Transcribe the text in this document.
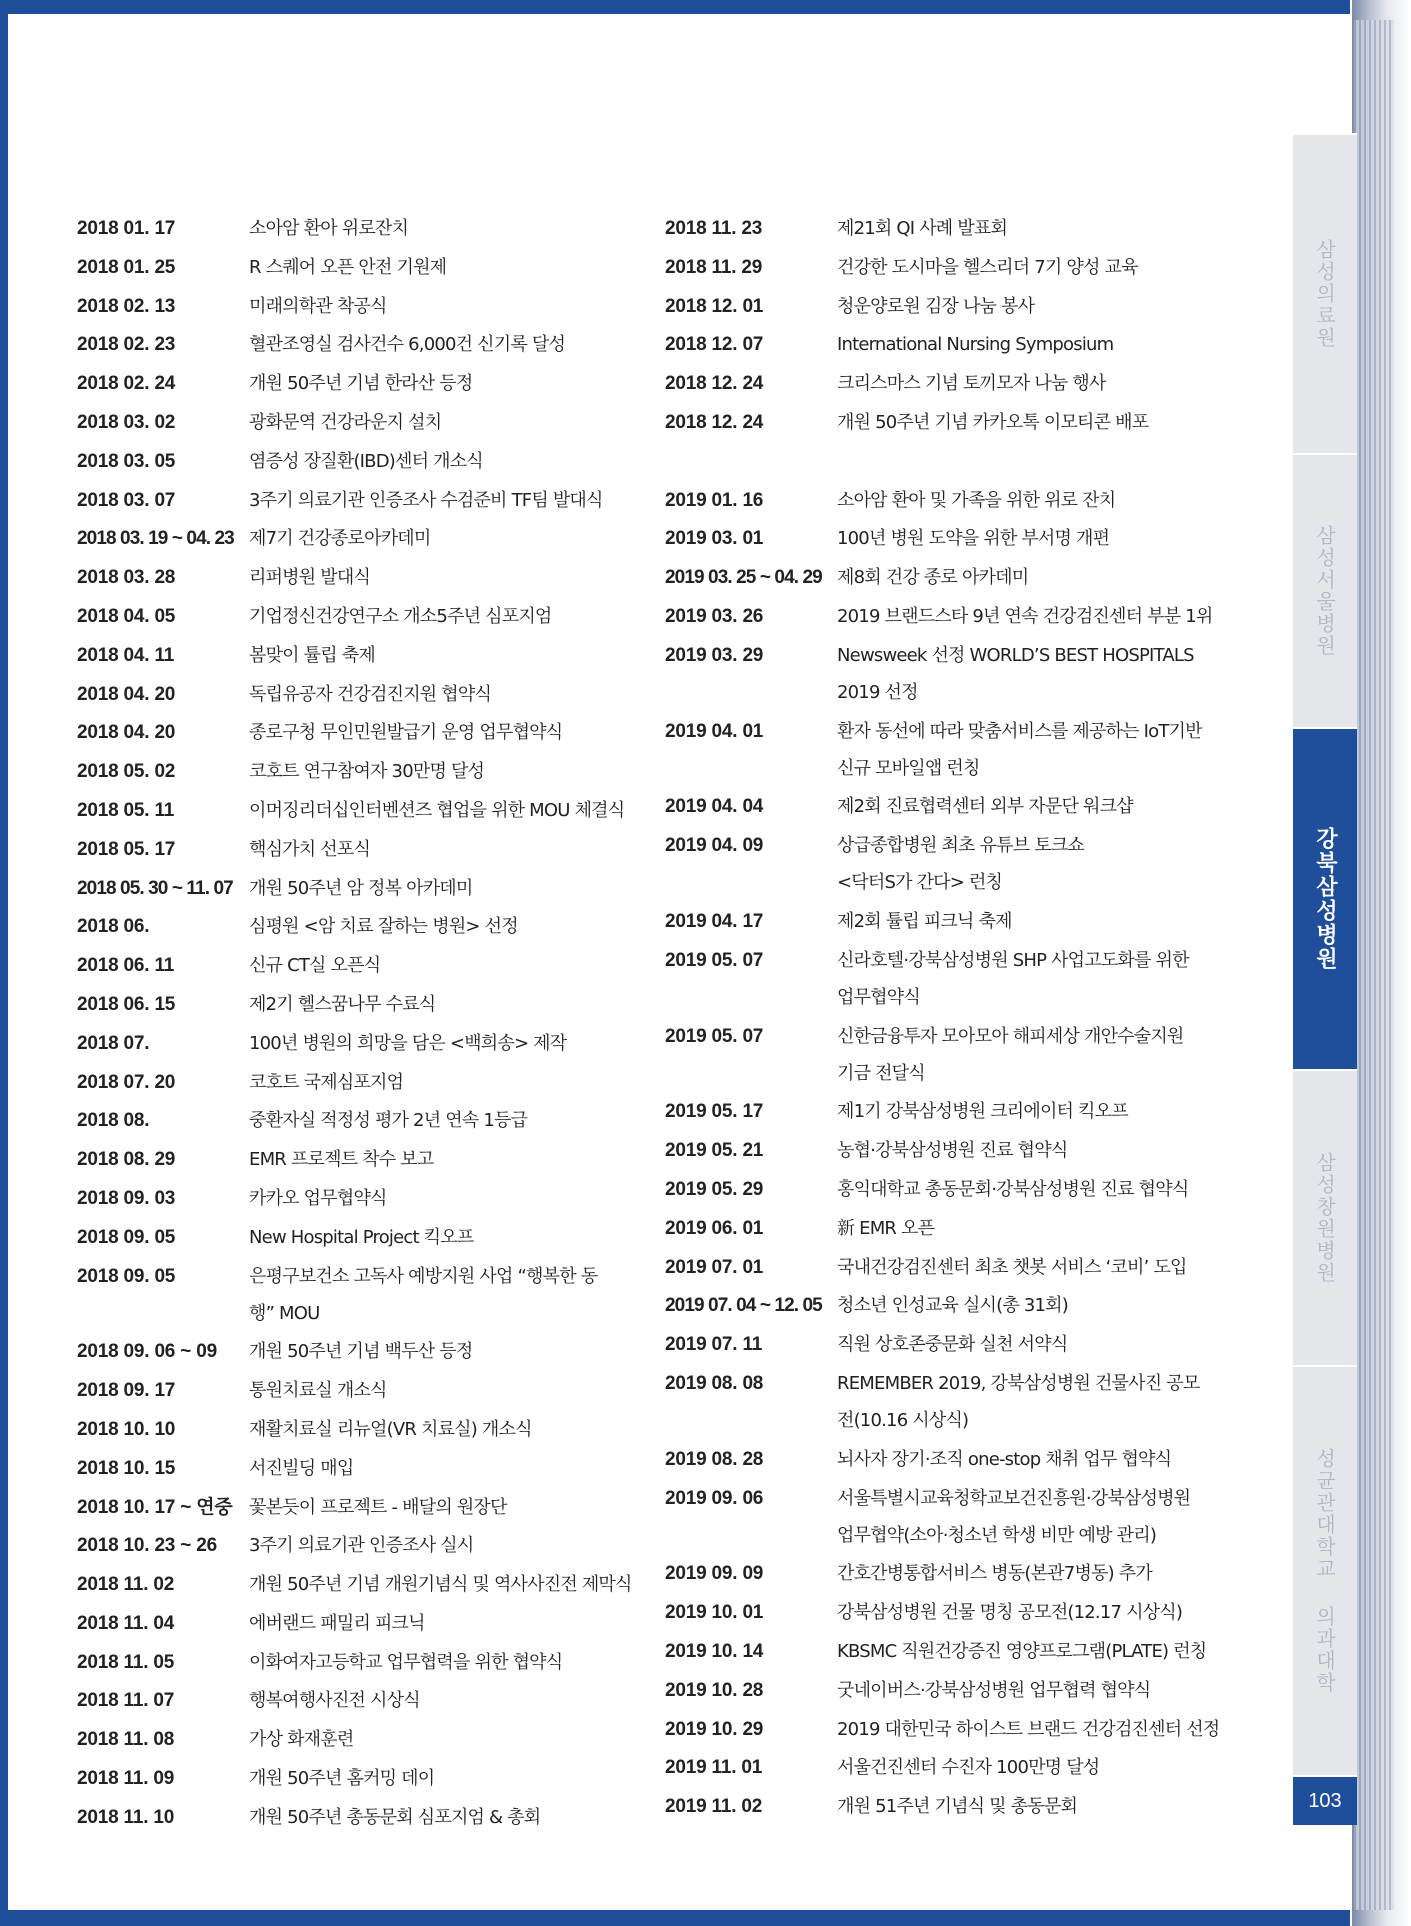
2018 01. 17	소아암 환아 위로잔치
2018 01. 25	R 스퀘어 오픈 안전 기원제
2018 02. 13	미래의학관 착공식
2018 02. 23	혈관조영실 검사건수 6,000건 신기록 달성
2018 02. 24	개원 50주년 기념 한라산 등정
2018 03. 02	광화문역 건강라운지 설치
2018 03. 05	염증성 장질환(IBD)센터 개소식
2018 03. 07	3주기 의료기관 인증조사 수검준비 TF팀 발대식
2018 03. 19 ~ 04. 23 제7기 건강종로아카데미
2018 03. 28	리퍼병원 발대식
2018 04. 05	기업정신건강연구소 개소5주년 심포지엄
2018 04. 11	봄맞이 튤립 축제
2018 04. 20	독립유공자 건강검진지원 협약식
2018 04. 20	종로구청 무인민원발급기 운영 업무협약식
2018 05. 02	코호트 연구참여자 30만명 달성
2018 05. 11	이머징리더십인터벤션즈 협업을 위한 MOU 체결식
2018 05. 17	핵심가치 선포식
2018 05. 30 ~ 11. 07 개원 50주년 암 정복 아카데미
2018 06.	심평원 <암 치료 잘하는 병원> 선정
2018 06. 11	신규 CT실 오픈식
2018 06. 15	제2기 헬스꿈나무 수료식
2018 07.	100년 병원의 희망을 담은 <백희송> 제작
2018 07. 20	코호트 국제심포지엄
2018 08.	중환자실 적정성 평가 2년 연속 1등급
2018 08. 29	EMR 프로젝트 착수 보고
2018 09. 03	카카오 업무협약식
2018 09. 05	New Hospital Project 킥오프
2018 09. 05	은평구보건소 고독사 예방지원 사업 “행복한 동
행” MOU
2018 09. 06 ~ 09	개원 50주년 기념 백두산 등정
2018 09. 17	통원치료실 개소식
2018 10. 10	재활치료실 리뉴얼(VR 치료실) 개소식
2018 10. 15	서진빌딩 매입
2018 10. 17 ~ 연중 꽃본듯이 프로젝트 - 배달의 원장단
2018 10. 23 ~ 26	3주기 의료기관 인증조사 실시
2018 11. 02	개원 50주년 기념 개원기념식 및 역사사진전 제막식
2018 11. 04	에버랜드 패밀리 피크닉
2018 11. 05	이화여자고등학교 업무협력을 위한 협약식
2018 11. 07	행복여행사진전 시상식
2018 11. 08	가상 화재훈련
2018 11. 09	개원 50주년 홈커밍 데이
2018 11. 10	개원 50주년 총동문회 심포지엄 & 총회
2018 11. 23	제21회 QI 사례 발표회
2018 11. 29	건강한 도시마을 헬스리더 7기 양성 교육
2018 12. 01	청운양로원 김장 나눔 봉사
2018 12. 07	International Nursing Symposium
2018 12. 24	크리스마스 기념 토끼모자 나눔 행사
2018 12. 24	개원 50주년 기념 카카오톡 이모티콘 배포
2019 01. 16	소아암 환아 및 가족을 위한 위로 잔치
2019 03. 01	100년 병원 도약을 위한 부서명 개편
2019 03. 25 ~ 04. 29 제8회 건강 종로 아카데미
2019 03. 26	2019 브랜드스타 9년 연속 건강검진센터 부분 1위
2019 03. 29	Newsweek 선정 WORLD’S BEST HOSPITALS
2019 선정
2019 04. 01	환자 동선에 따라 맞춤서비스를 제공하는 IoT기반
신규 모바일앱 런칭
2019 04. 04	제2회 진료협력센터 외부 자문단 워크샵
2019 04. 09	상급종합병원 최초 유튜브 토크쇼
<닥터S가 간다> 런칭
2019 04. 17	제2회 튤립 피크닉 축제
2019 05. 07	신라호텔·강북삼성병원 SHP 사업고도화를 위한
업무협약식
2019 05. 07	신한금융투자 모아모아 해피세상 개안수술지원
기금 전달식
2019 05. 17	제1기 강북삼성병원 크리에이터 킥오프
2019 05. 21	농협·강북삼성병원 진료 협약식
2019 05. 29	홍익대학교 총동문회·강북삼성병원 진료 협약식
2019 06. 01	新 EMR 오픈
2019 07. 01	국내건강검진센터 최초 챗봇 서비스 ‘코비’ 도입
2019 07. 04 ~ 12. 05 청소년 인성교육 실시(총 31회)
2019 07. 11	직원 상호존중문화 실천 서약식
2019 08. 08	REMEMBER 2019, 강북삼성병원 건물사진 공모
전(10.16 시상식)
2019 08. 28	뇌사자 장기·조직 one-stop 채취 업무 협약식
2019 09. 06	서울특별시교육청학교보건진흥원·강북삼성병원
업무협약(소아·청소년 학생 비만 예방 관리)
2019 09. 09	간호간병통합서비스 병동(본관7병동) 추가
2019 10. 01	강북삼성병원 건물 명칭 공모전(12.17 시상식)
2019 10. 14	KBSMC 직원건강증진 영양프로그램(PLATE) 런칭
2019 10. 28	굿네이버스·강북삼성병원 업무협력 협약식
2019 10. 29	2019 대한민국 하이스트 브랜드 건강검진센터 선정
2019 11. 01	서울건진센터 수진자 100만명 달성
2019 11. 02	개원 51주년 기념식 및 총동문회
삼성의료원
삼성서울병원
강북삼성병원
삼성창원병원
성균관대학교 의과대학
103
